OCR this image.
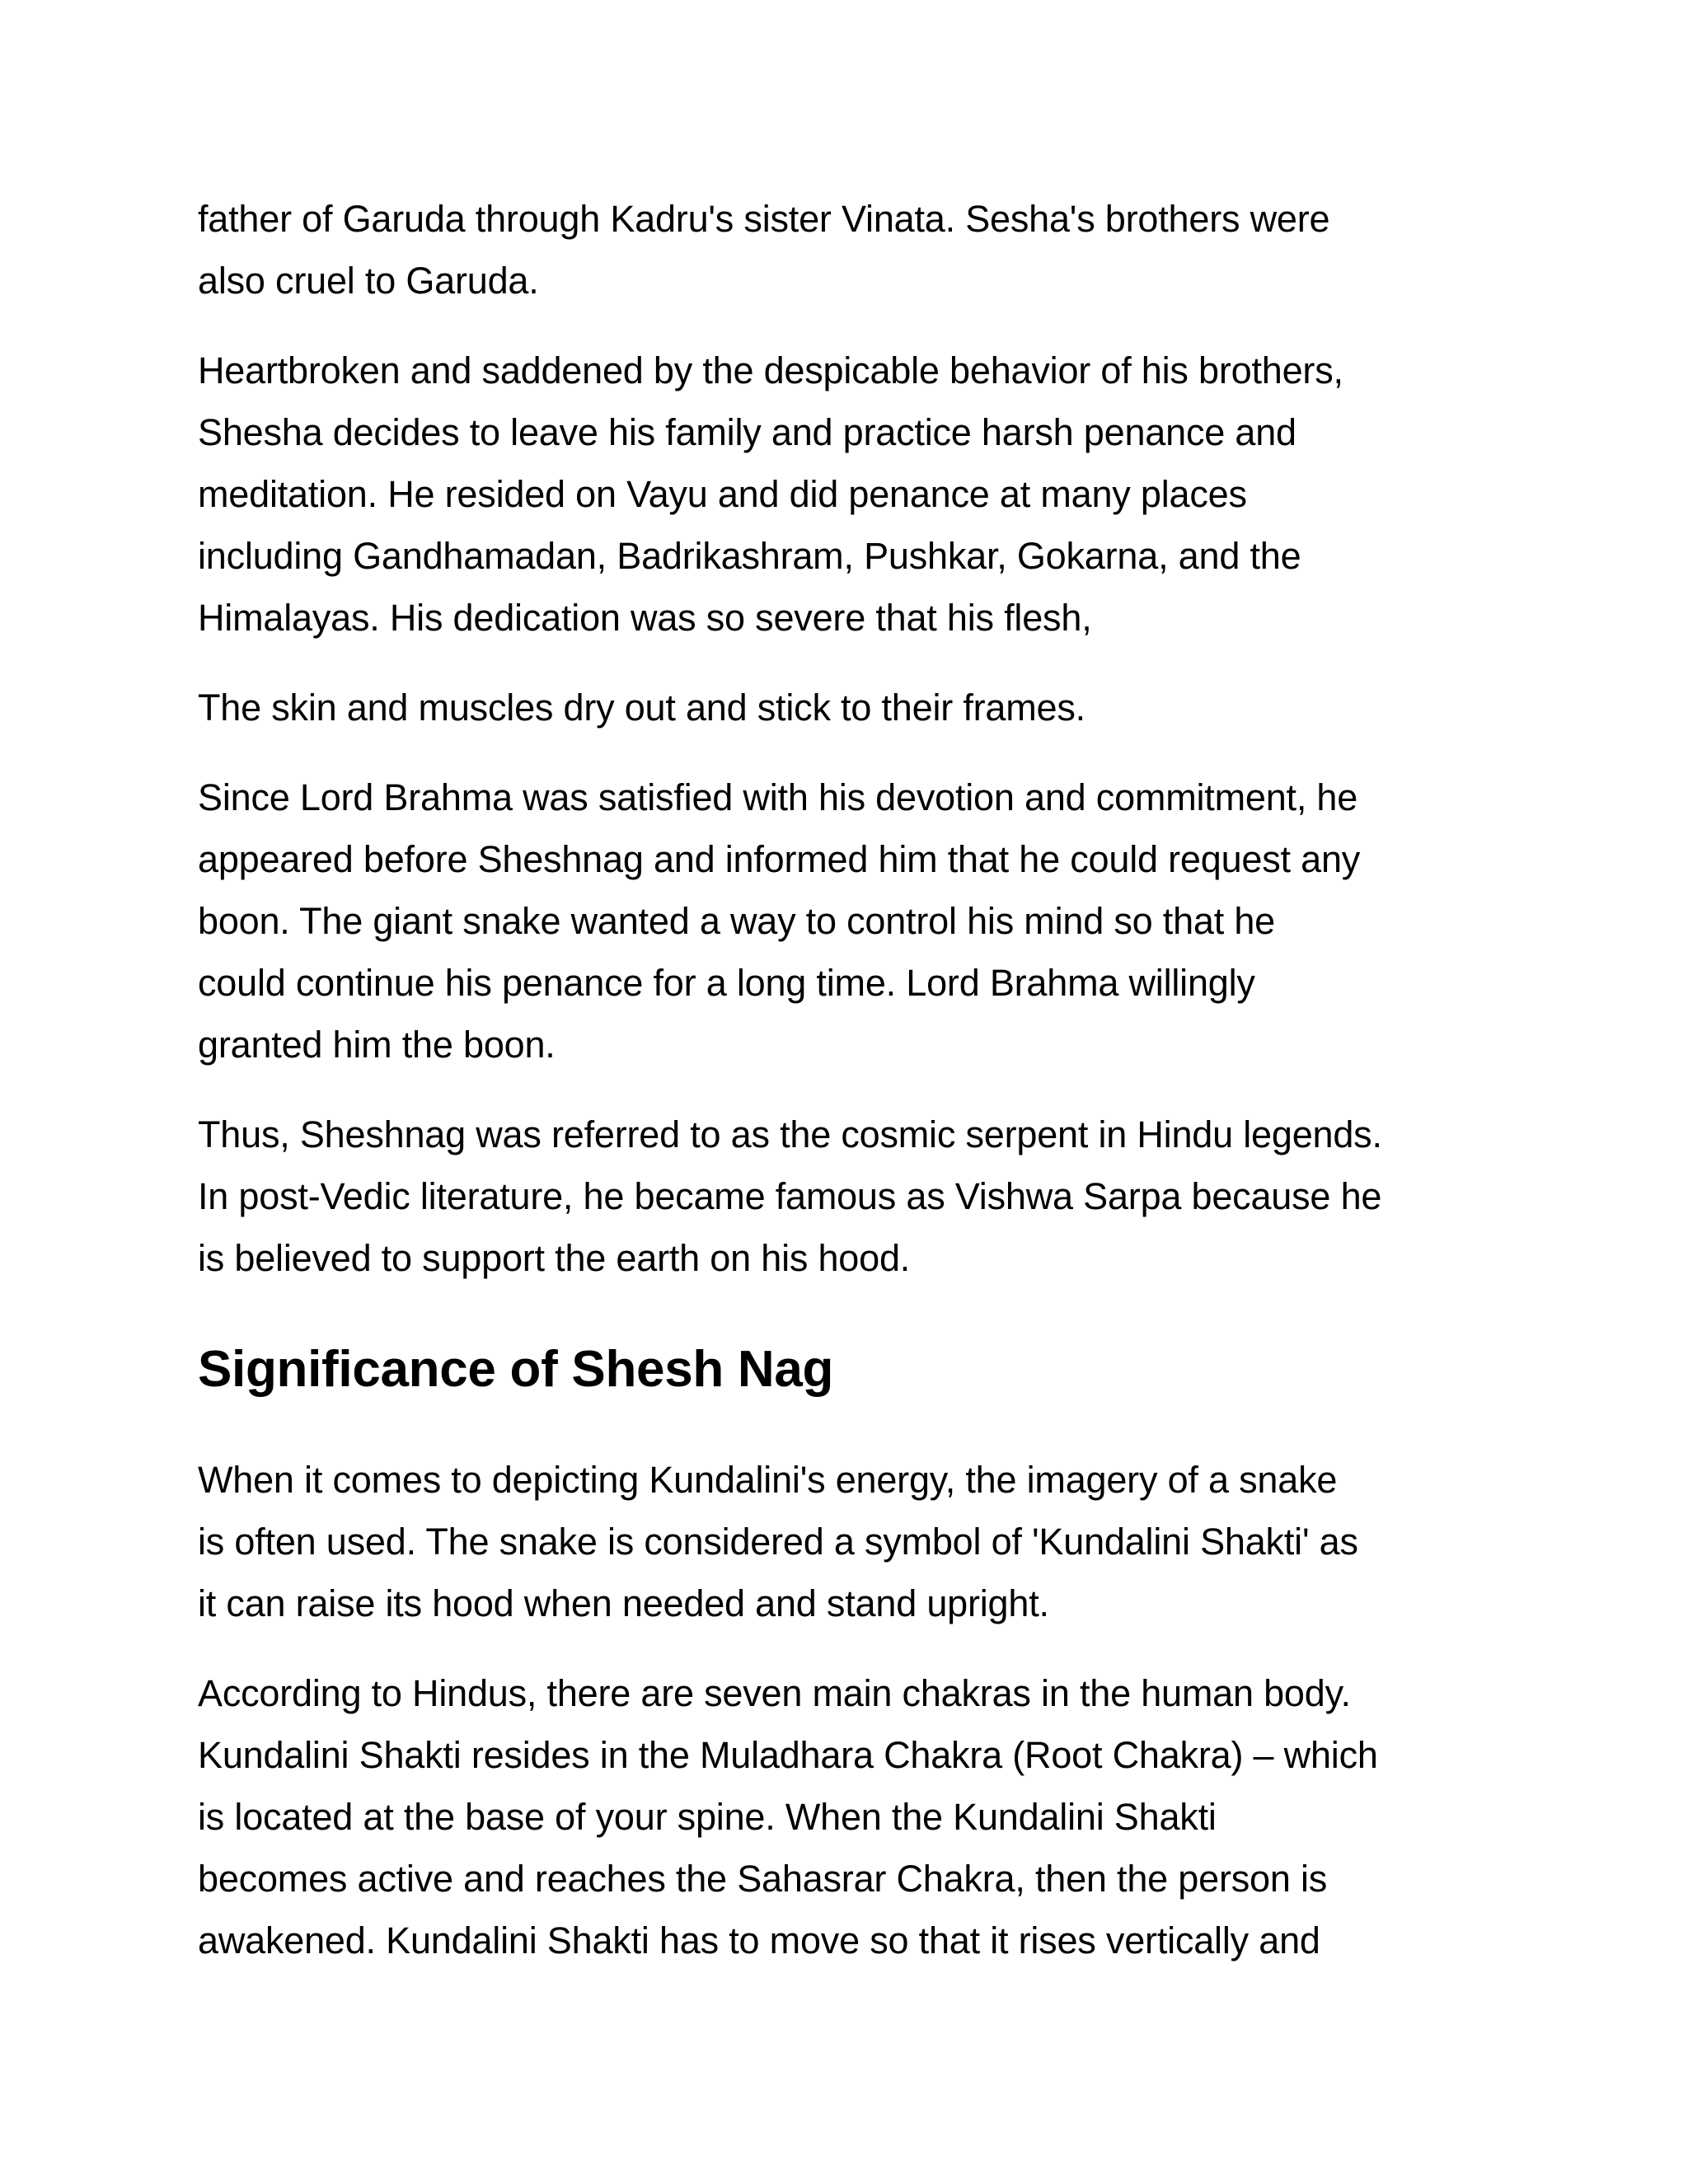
father of Garuda through Kadru's sister Vinata. Sesha's brothers were
also cruel to Garuda.

Heartbroken and saddened by the despicable behavior of his brothers,
Shesha decides to leave his family and practice harsh penance and
meditation. He resided on Vayu and did penance at many places
including Gandhamadan, Badrikashram, Pushkar, Gokarna, and the
Himalayas. His dedication was so severe that his flesh,

The skin and muscles dry out and stick to their frames.

Since Lord Brahma was satisfied with his devotion and commitment, he
appeared before Sheshnag and informed him that he could request any
boon. The giant snake wanted a way to control his mind so that he
could continue his penance for a long time. Lord Brahma willingly
granted him the boon.

Thus, Sheshnag was referred to as the cosmic serpent in Hindu legends.
In post-Vedic literature, he became famous as Vishwa Sarpa because he
is believed to support the earth on his hood.

Significance of Shesh Nag

When it comes to depicting Kundalini's energy, the imagery of a snake
is often used. The snake is considered a symbol of 'Kundalini Shakti' as
it can raise its hood when needed and stand upright.

According to Hindus, there are seven main chakras in the human body.
Kundalini Shakti resides in the Muladhara Chakra (Root Chakra) – which
is located at the base of your spine. When the Kundalini Shakti
becomes active and reaches the Sahasrar Chakra, then the person is
awakened. Kundalini Shakti has to move so that it rises vertically and
